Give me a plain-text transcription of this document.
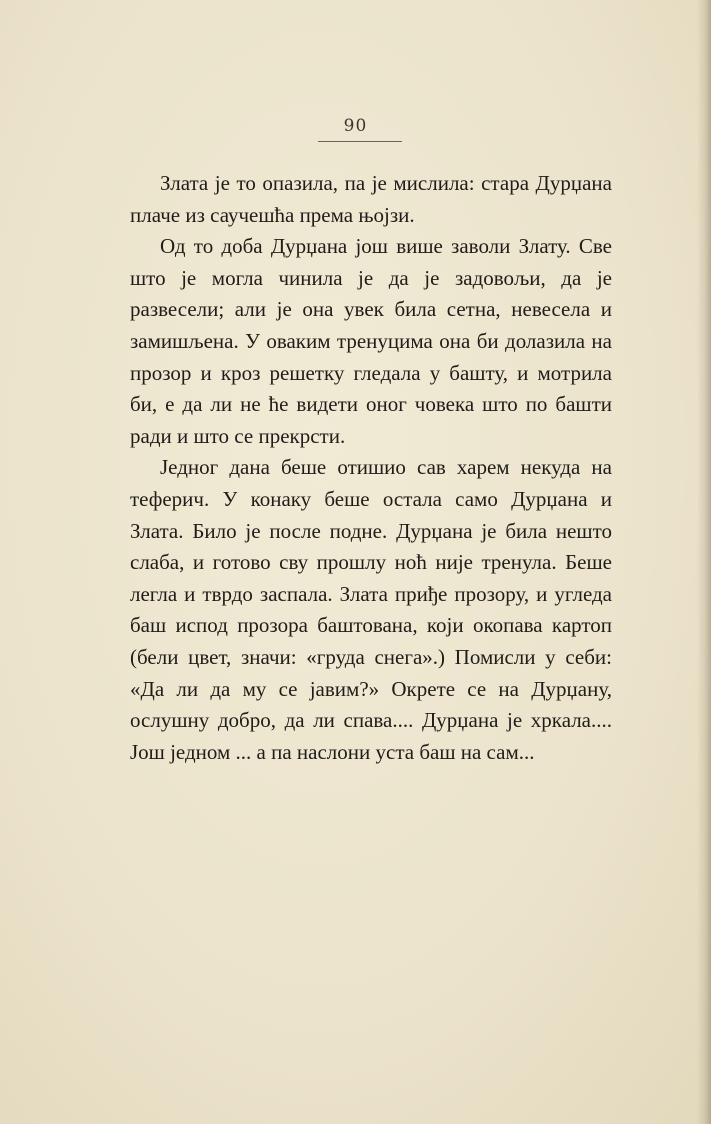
90

Злата је то опазила, па је мислила: стара Дурџана плаче из саучешћа према њојзи.

Од то доба Дурџана још више заволи Злату. Све што је могла чинила је да је задовољи, да је развесели; али је она увек била сетна, невесела и замишљена. У оваким тренуцима она би долазила на прозор и кроз решетку гледала у башту, и мотрила би, е да ли не ће видети оног човека што по башти ради и што се прекрсти.

Једног дана беше отишио сав харем некуда на теферич. У конаку беше остала само Дурџана и Злата. Било је после подне. Дурџана је била нешто слаба, и готово сву прошлу ноћ није тренула. Беше легла и тврдо заспала. Злата приђе прозору, и угледа баш испод прозора баштована, који окопава картоп (бели цвет, значи: «груда снега».) Помисли у себи: «Да ли да му се јавим?» Окрете се на Дурџану, ослушну добро, да ли спава.... Дурџана је хркала.... Још једном ... а пa наслони уста баш на сам...
